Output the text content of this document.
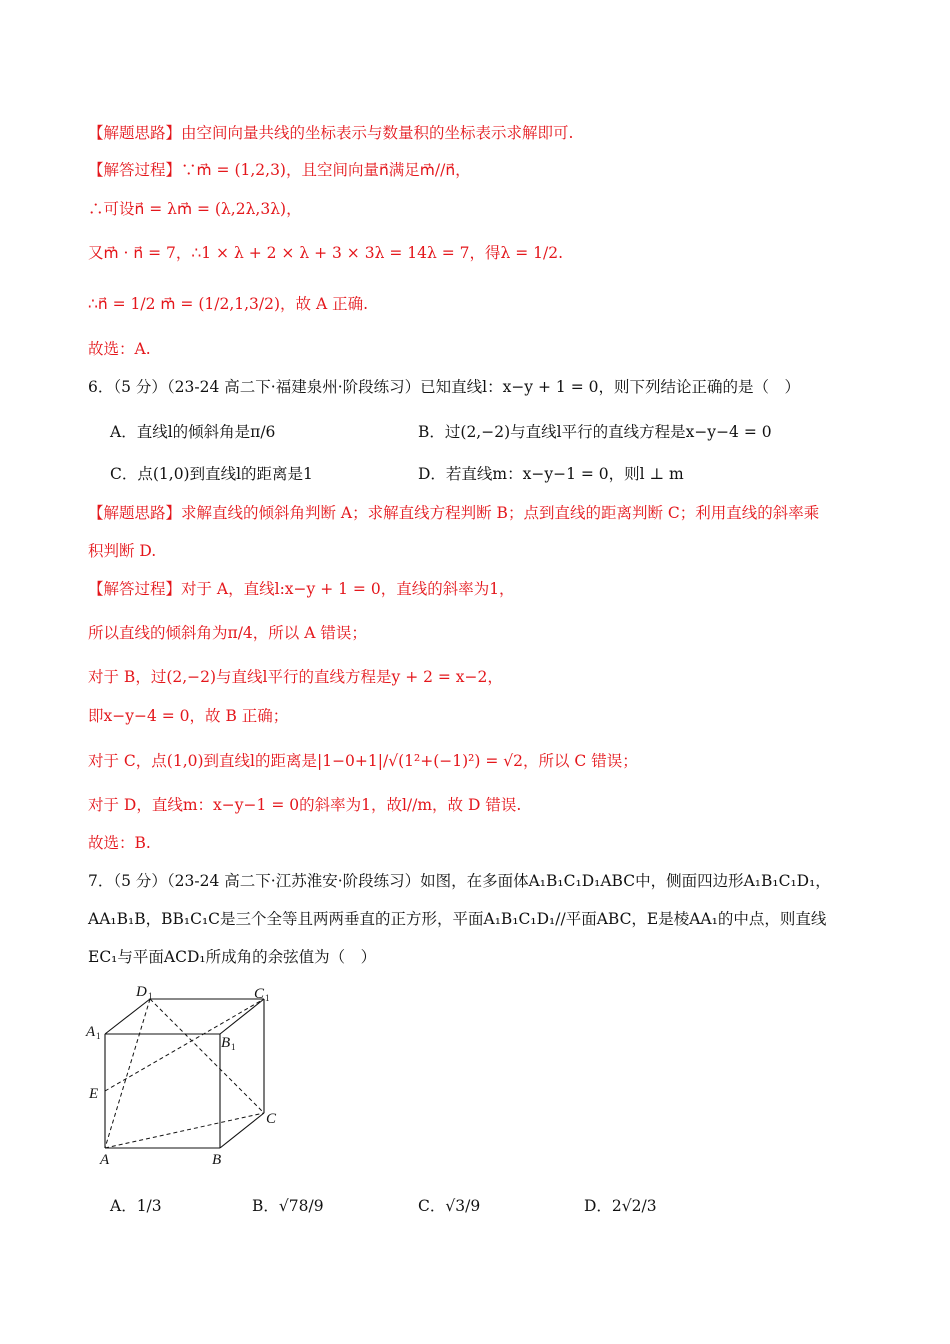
【解题思路】由空间向量共线的坐标表示与数量积的坐标表示求解即可.
【解答过程】∵m⃗ = (1,2,3)，且空间向量n⃗满足m⃗//n⃗，
∴可设n⃗ = λm⃗ = (λ,2λ,3λ)，
又m⃗ · n⃗ = 7，∴1 × λ + 2 × λ + 3 × 3λ = 14λ = 7，得λ = 1/2.
∴n⃗ = 1/2 m⃗ = (1/2,1,3/2)，故 A 正确.
故选：A.
6．（5 分）（23-24 高二下·福建泉州·阶段练习）已知直线l：x−y + 1 = 0，则下列结论正确的是（　）
A．直线l的倾斜角是π/6	B．过(2,−2)与直线l平行的直线方程是x−y−4 = 0
C．点(1,0)到直线l的距离是1	D．若直线m：x−y−1 = 0，则l ⊥ m
【解题思路】求解直线的倾斜角判断 A；求解直线方程判断 B；点到直线的距离判断 C；利用直线的斜率乘
积判断 D.
【解答过程】对于 A，直线l:x−y + 1 = 0，直线的斜率为1，
所以直线的倾斜角为π/4，所以 A 错误；
对于 B，过(2,−2)与直线l平行的直线方程是y + 2 = x−2，
即x−y−4 = 0，故 B 正确；
对于 C，点(1,0)到直线l的距离是|1−0+1|/√(1²+(−1)²) = √2，所以 C 错误；
对于 D，直线m：x−y−1 = 0的斜率为1，故l//m，故 D 错误.
故选：B.
7．（5 分）（23-24 高二下·江苏淮安·阶段练习）如图，在多面体A₁B₁C₁D₁ABC中，侧面四边形A₁B₁C₁D₁，
AA₁B₁B，BB₁C₁C是三个全等且两两垂直的正方形，平面A₁B₁C₁D₁//平面ABC，E是棱AA₁的中点，则直线
EC₁与平面ACD₁所成角的余弦值为（　）
D 1	C 1
A 1	B 1
E
C
A	B
A．1/3	B．√78/9	C．√3/9	D．2√2/3
